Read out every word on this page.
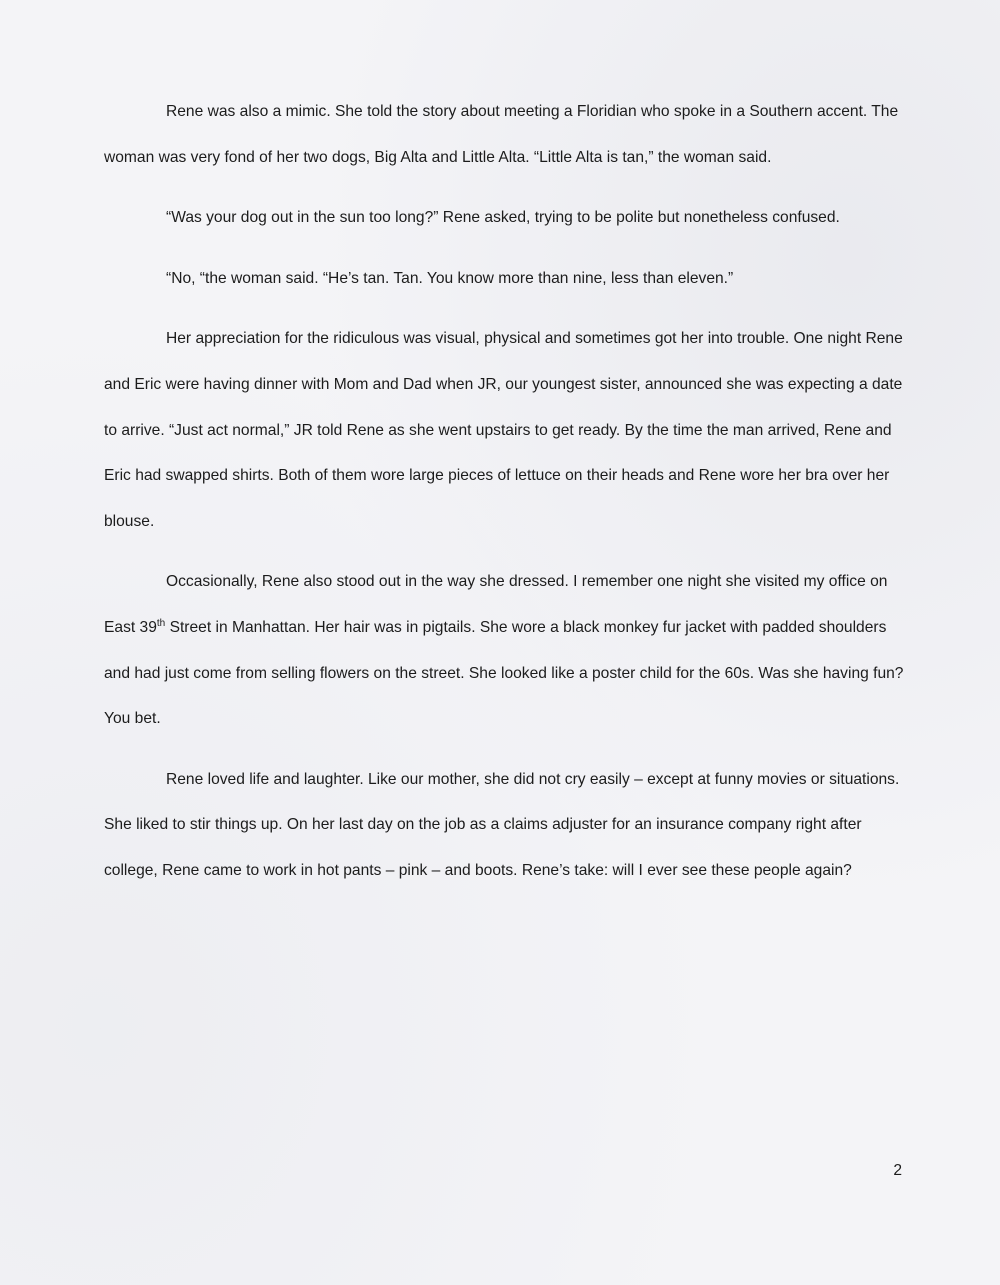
Rene was also a mimic. She told the story about meeting a Floridian who spoke in a Southern accent. The woman was very fond of her two dogs, Big Alta and Little Alta. “Little Alta is tan,” the woman said.

“Was your dog out in the sun too long?” Rene asked, trying to be polite but nonetheless confused.

“No, “the woman said. “He’s tan. Tan. You know more than nine, less than eleven.”

Her appreciation for the ridiculous was visual, physical and sometimes got her into trouble. One night Rene and Eric were having dinner with Mom and Dad when JR, our youngest sister, announced she was expecting a date to arrive. “Just act normal,” JR told Rene as she went upstairs to get ready. By the time the man arrived, Rene and Eric had swapped shirts. Both of them wore large pieces of lettuce on their heads and Rene wore her bra over her blouse.

Occasionally, Rene also stood out in the way she dressed. I remember one night she visited my office on East 39th Street in Manhattan. Her hair was in pigtails. She wore a black monkey fur jacket with padded shoulders and had just come from selling flowers on the street. She looked like a poster child for the 60s. Was she having fun? You bet.

Rene loved life and laughter. Like our mother, she did not cry easily – except at funny movies or situations. She liked to stir things up. On her last day on the job as a claims adjuster for an insurance company right after college, Rene came to work in hot pants – pink – and boots. Rene’s take: will I ever see these people again?

2
